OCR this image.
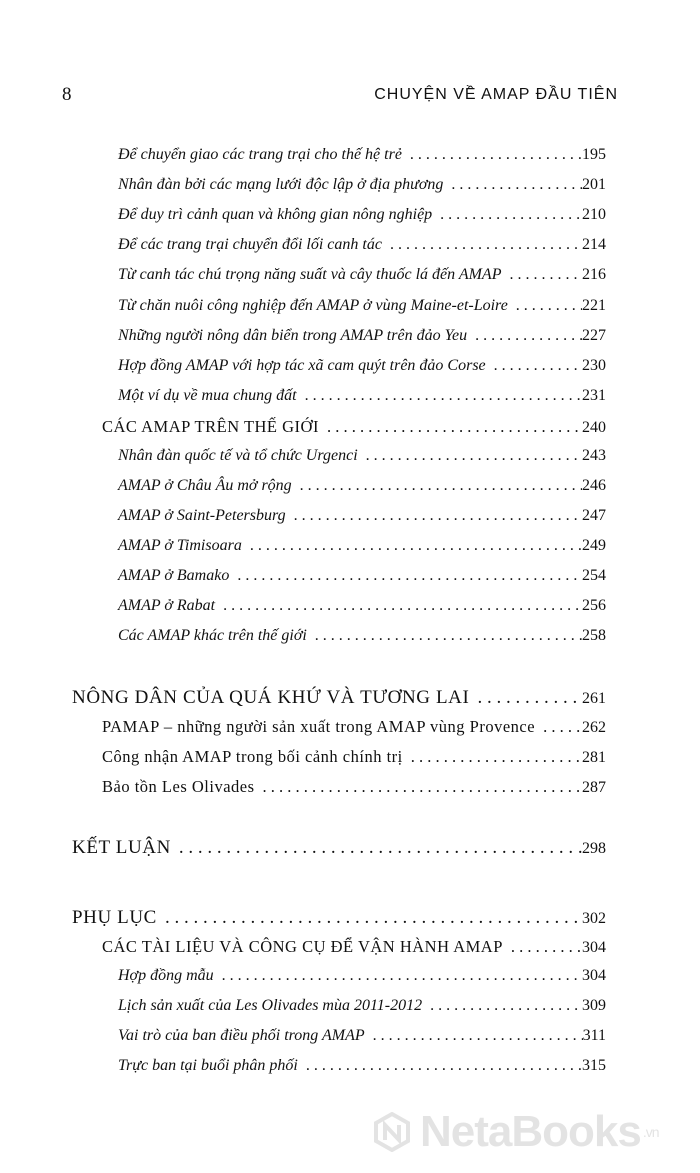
8	CHUYỆN VỀ AMAP ĐẦU TIÊN
Để chuyển giao các trang trại cho thế hệ trẻ . . .	195
Nhân đàn bởi các mạng lưới độc lập ở địa phương . . .	201
Để duy trì cảnh quan và không gian nông nghiệp . . .	210
Để các trang trại chuyển đổi lối canh tác . . .	214
Từ canh tác chú trọng năng suất và cây thuốc lá đến AMAP . . .	216
Từ chăn nuôi công nghiệp đến AMAP ở vùng Maine-et-Loire . . .	221
Những người nông dân biển trong AMAP trên đảo Yeu . . .	227
Hợp đồng AMAP với hợp tác xã cam quýt trên đảo Corse . . .	230
Một ví dụ về mua chung đất . . .	231
CÁC AMAP TRÊN THẾ GIỚI . . .	240
Nhân đàn quốc tế và tổ chức Urgenci . . .	243
AMAP ở Châu Âu mở rộng . . .	246
AMAP ở Saint-Petersburg . . .	247
AMAP ở Timisoara . . .	249
AMAP ở Bamako . . .	254
AMAP ở Rabat . . .	256
Các AMAP khác trên thế giới . . .	258
NÔNG DÂN CỦA QUÁ KHỨ VÀ TƯƠNG LAI . . .	261
PAMAP – những người sản xuất trong AMAP vùng Provence . . .	262
Công nhận AMAP trong bối cảnh chính trị . . .	281
Bảo tồn Les Olivades . . .	287
KẾT LUẬN . . .	298
PHỤ LỤC . . .	302
CÁC TÀI LIỆU VÀ CÔNG CỤ ĐỂ VẬN HÀNH AMAP . . .	304
Hợp đồng mẫu . . .	304
Lịch sản xuất của Les Olivades mùa 2011-2012 . . .	309
Vai trò của ban điều phối trong AMAP . . .	311
Trực ban tại buổi phân phối . . .	315
NetaBooks .vn
